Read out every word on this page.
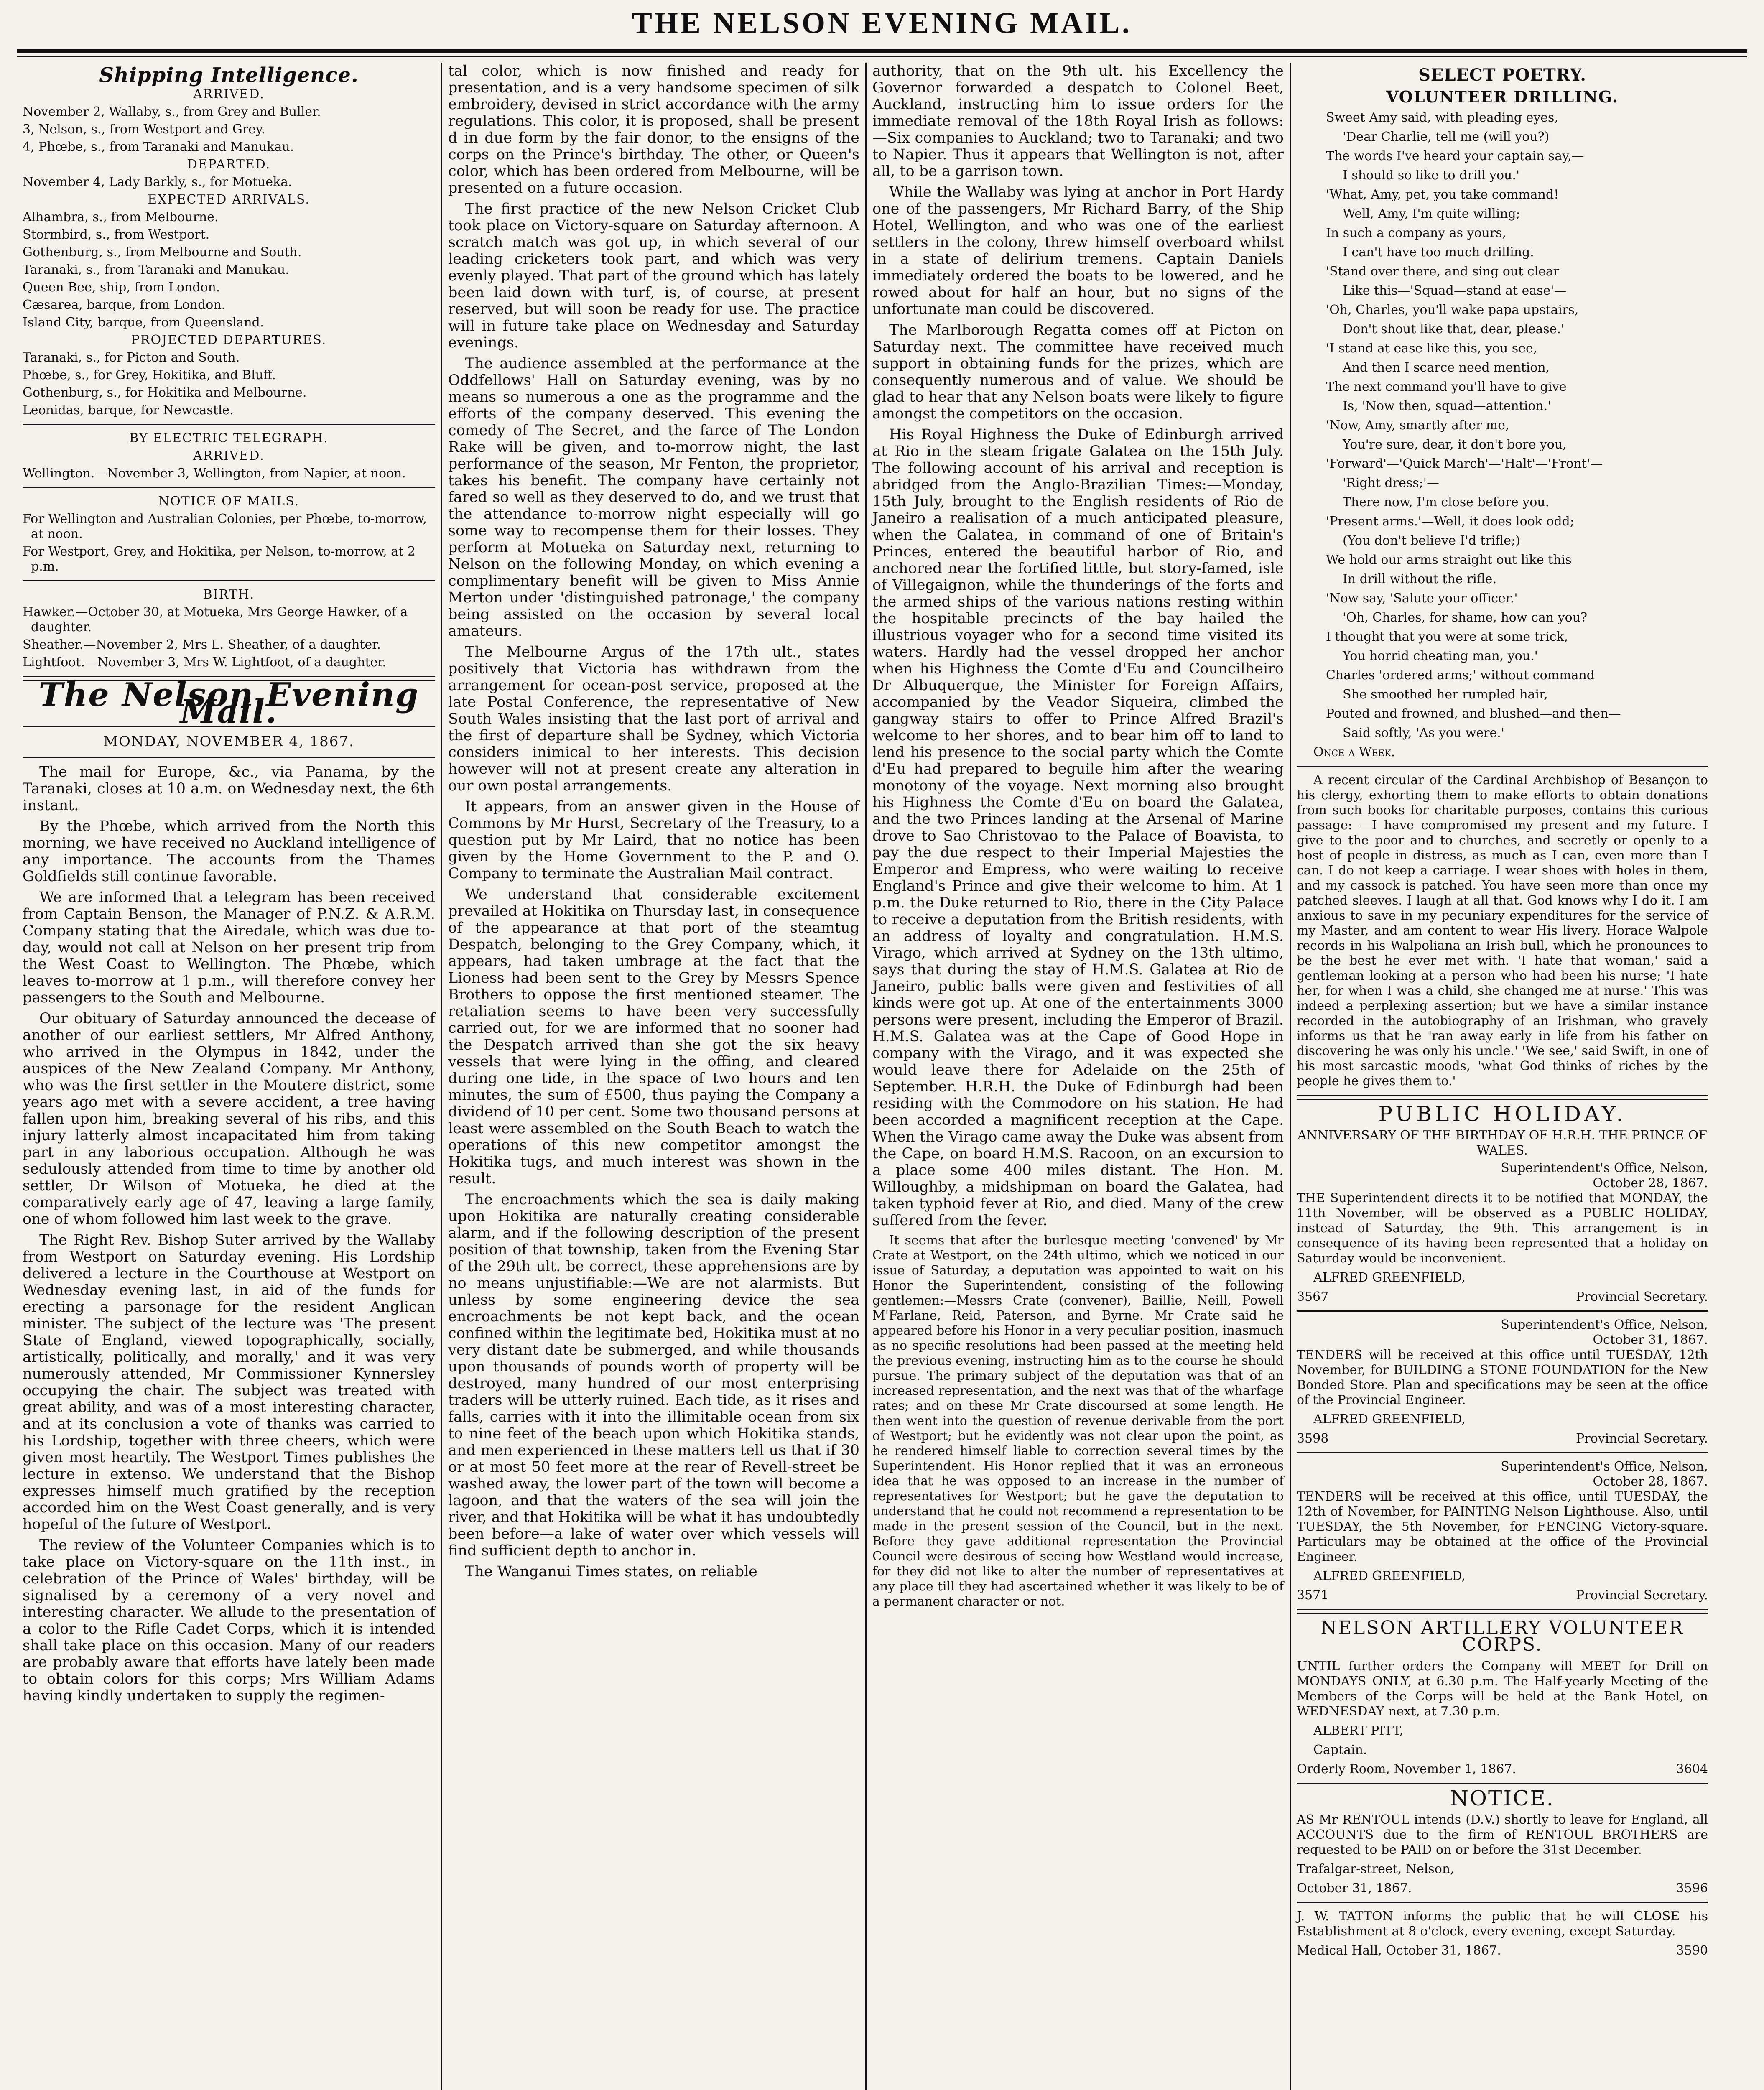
THE NELSON EVENING MAIL.
Shipping Intelligence.
ARRIVED.
November 2, Wallaby, s., from Grey and Buller.
3, Nelson, s., from Westport and Grey.
4, Phœbe, s., from Taranaki and Manukau.
DEPARTED.
November 4, Lady Barkly, s., for Motueka.
EXPECTED ARRIVALS.
Alhambra, s., from Melbourne.
Stormbird, s., from Westport.
Gothenburg, s., from Melbourne and South.
Taranaki, s., from Taranaki and Manukau.
Queen Bee, ship, from London.
Cæsarea, barque, from London.
Island City, barque, from Queensland.
PROJECTED DEPARTURES.
Taranaki, s., for Picton and South.
Phœbe, s., for Grey, Hokitika, and Bluff.
Gothenburg, s., for Hokitika and Melbourne.
Leonidas, barque, for Newcastle.
BY ELECTRIC TELEGRAPH.
ARRIVED.
Wellington.—November 3, Wellington, from Napier, at noon.
NOTICE OF MAILS.
For Wellington and Australian Colonies, per Phœbe, to-morrow, at noon.
For Westport, Grey, and Hokitika, per Nelson, to-morrow, at 2 p.m.
BIRTH.
Hawker.—October 30, at Motueka, Mrs George Hawker, of a daughter.
Sheather.—November 2, Mrs L. Sheather, of a daughter.
Lightfoot.—November 3, Mrs W. Lightfoot, of a daughter.
The Nelson Evening Mail.
MONDAY, NOVEMBER 4, 1867.

The mail for Europe, &c., via Panama, by the Taranaki, closes at 10 a.m. on Wednesday next, the 6th instant.

By the Phœbe, which arrived from the North this morning, we have received no Auckland intelligence of any importance. The accounts from the Thames Goldfields still continue favorable.

We are informed that a telegram has been received from Captain Benson, the Manager of P.N.Z. & A.R.M. Company stating that the Airedale, which was due to-day, would not call at Nelson on her present trip from the West Coast to Wellington. The Phœbe, which leaves to-morrow at 1 p.m., will therefore convey her passengers to the South and Melbourne.

Our obituary of Saturday announced the decease of another of our earliest settlers, Mr Alfred Anthony, who arrived in the Olympus in 1842, under the auspices of the New Zealand Company. Mr Anthony, who was the first settler in the Moutere district, some years ago met with a severe accident, a tree having fallen upon him, breaking several of his ribs, and this injury latterly almost incapacitated him from taking part in any laborious occupation. Although he was sedulously attended from time to time by another old settler, Dr Wilson of Motueka, he died at the comparatively early age of 47, leaving a large family, one of whom followed him last week to the grave.

The Right Rev. Bishop Suter arrived by the Wallaby from Westport on Saturday evening. His Lordship delivered a lecture in the Courthouse at Westport on Wednesday evening last, in aid of the funds for erecting a parsonage for the resident Anglican minister. The subject of the lecture was 'The present State of England, viewed topographically, socially, artistically, politically, and morally,' and it was very numerously attended, Mr Commissioner Kynnersley occupying the chair. The subject was treated with great ability, and was of a most interesting character, and at its conclusion a vote of thanks was carried to his Lordship, together with three cheers, which were given most heartily. The Westport Times publishes the lecture in extenso. We understand that the Bishop expresses himself much gratified by the reception accorded him on the West Coast generally, and is very hopeful of the future of Westport.

The review of the Volunteer Companies which is to take place on Victory-square on the 11th inst., in celebration of the Prince of Wales' birthday, will be signalised by a ceremony of a very novel and interesting character. We allude to the presentation of a color to the Rifle Cadet Corps, which it is intended shall take place on this occasion. Many of our readers are probably aware that efforts have lately been made to obtain colors for this corps; Mrs William Adams having kindly undertaken to supply the regimen-

tal color, which is now finished and ready for presentation, and is a very handsome specimen of silk embroidery, devised in strict accordance with the army regulations. This color, it is proposed, shall be present d in due form by the fair donor, to the ensigns of the corps on the Prince's birthday. The other, or Queen's color, which has been ordered from Melbourne, will be presented on a future occasion.

The first practice of the new Nelson Cricket Club took place on Victory-square on Saturday afternoon. A scratch match was got up, in which several of our leading cricketers took part, and which was very evenly played. That part of the ground which has lately been laid down with turf, is, of course, at present reserved, but will soon be ready for use. The practice will in future take place on Wednesday and Saturday evenings.

The audience assembled at the performance at the Oddfellows' Hall on Saturday evening, was by no means so numerous a one as the programme and the efforts of the company deserved. This evening the comedy of The Secret, and the farce of The London Rake will be given, and to-morrow night, the last performance of the season, Mr Fenton, the proprietor, takes his benefit. The company have certainly not fared so well as they deserved to do, and we trust that the attendance to-morrow night especially will go some way to recompense them for their losses. They perform at Motueka on Saturday next, returning to Nelson on the following Monday, on which evening a complimentary benefit will be given to Miss Annie Merton under 'distinguished patronage,' the company being assisted on the occasion by several local amateurs.

The Melbourne Argus of the 17th ult., states positively that Victoria has withdrawn from the arrangement for ocean-post service, proposed at the late Postal Conference, the representative of New South Wales insisting that the last port of arrival and the first of departure shall be Sydney, which Victoria considers inimical to her interests. This decision however will not at present create any alteration in our own postal arrangements.

It appears, from an answer given in the House of Commons by Mr Hurst, Secretary of the Treasury, to a question put by Mr Laird, that no notice has been given by the Home Government to the P. and O. Company to terminate the Australian Mail contract.

We understand that considerable excitement prevailed at Hokitika on Thursday last, in consequence of the appearance at that port of the steamtug Despatch, belonging to the Grey Company, which, it appears, had taken umbrage at the fact that the Lioness had been sent to the Grey by Messrs Spence Brothers to oppose the first mentioned steamer. The retaliation seems to have been very successfully carried out, for we are informed that no sooner had the Despatch arrived than she got the six heavy vessels that were lying in the offing, and cleared during one tide, in the space of two hours and ten minutes, the sum of £500, thus paying the Company a dividend of 10 per cent. Some two thousand persons at least were assembled on the South Beach to watch the operations of this new competitor amongst the Hokitika tugs, and much interest was shown in the result.

The encroachments which the sea is daily making upon Hokitika are naturally creating considerable alarm, and if the following description of the present position of that township, taken from the Evening Star of the 29th ult. be correct, these apprehensions are by no means unjustifiable:—We are not alarmists. But unless by some engineering device the sea encroachments be not kept back, and the ocean confined within the legitimate bed, Hokitika must at no very distant date be submerged, and while thousands upon thousands of pounds worth of property will be destroyed, many hundred of our most enterprising traders will be utterly ruined. Each tide, as it rises and falls, carries with it into the illimitable ocean from six to nine feet of the beach upon which Hokitika stands, and men experienced in these matters tell us that if 30 or at most 50 feet more at the rear of Revell-street be washed away, the lower part of the town will become a lagoon, and that the waters of the sea will join the river, and that Hokitika will be what it has undoubtedly been before—a lake of water over which vessels will find sufficient depth to anchor in.

The Wanganui Times states, on reliable

authority, that on the 9th ult. his Excellency the Governor forwarded a despatch to Colonel Beet, Auckland, instructing him to issue orders for the immediate removal of the 18th Royal Irish as follows:—Six companies to Auckland; two to Taranaki; and two to Napier. Thus it appears that Wellington is not, after all, to be a garrison town.

While the Wallaby was lying at anchor in Port Hardy one of the passengers, Mr Richard Barry, of the Ship Hotel, Wellington, and who was one of the earliest settlers in the colony, threw himself overboard whilst in a state of delirium tremens. Captain Daniels immediately ordered the boats to be lowered, and he rowed about for half an hour, but no signs of the unfortunate man could be discovered.

The Marlborough Regatta comes off at Picton on Saturday next. The committee have received much support in obtaining funds for the prizes, which are consequently numerous and of value. We should be glad to hear that any Nelson boats were likely to figure amongst the competitors on the occasion.

His Royal Highness the Duke of Edinburgh arrived at Rio in the steam frigate Galatea on the 15th July. The following account of his arrival and reception is abridged from the Anglo-Brazilian Times:—Monday, 15th July, brought to the English residents of Rio de Janeiro a realisation of a much anticipated pleasure, when the Galatea, in command of one of Britain's Princes, entered the beautiful harbor of Rio, and anchored near the fortified little, but story-famed, isle of Villegaignon, while the thunderings of the forts and the armed ships of the various nations resting within the hospitable precincts of the bay hailed the illustrious voyager who for a second time visited its waters. Hardly had the vessel dropped her anchor when his Highness the Comte d'Eu and Councilheiro Dr Albuquerque, the Minister for Foreign Affairs, accompanied by the Veador Siqueira, climbed the gangway stairs to offer to Prince Alfred Brazil's welcome to her shores, and to bear him off to land to lend his presence to the social party which the Comte d'Eu had prepared to beguile him after the wearing monotony of the voyage. Next morning also brought his Highness the Comte d'Eu on board the Galatea, and the two Princes landing at the Arsenal of Marine drove to Sao Christovao to the Palace of Boavista, to pay the due respect to their Imperial Majesties the Emperor and Empress, who were waiting to receive England's Prince and give their welcome to him. At 1 p.m. the Duke returned to Rio, there in the City Palace to receive a deputation from the British residents, with an address of loyalty and congratulation. H.M.S. Virago, which arrived at Sydney on the 13th ultimo, says that during the stay of H.M.S. Galatea at Rio de Janeiro, public balls were given and festivities of all kinds were got up. At one of the entertainments 3000 persons were present, including the Emperor of Brazil. H.M.S. Galatea was at the Cape of Good Hope in company with the Virago, and it was expected she would leave there for Adelaide on the 25th of September. H.R.H. the Duke of Edinburgh had been residing with the Commodore on his station. He had been accorded a magnificent reception at the Cape. When the Virago came away the Duke was absent from the Cape, on board H.M.S. Racoon, on an excursion to a place some 400 miles distant. The Hon. M. Willoughby, a midshipman on board the Galatea, had taken typhoid fever at Rio, and died. Many of the crew suffered from the fever.

It seems that after the burlesque meeting 'convened' by Mr Crate at Westport, on the 24th ultimo, which we noticed in our issue of Saturday, a deputation was appointed to wait on his Honor the Superintendent, consisting of the following gentlemen:—Messrs Crate (convener), Baillie, Neill, Powell M'Farlane, Reid, Paterson, and Byrne. Mr Crate said he appeared before his Honor in a very peculiar position, inasmuch as no specific resolutions had been passed at the meeting held the previous evening, instructing him as to the course he should pursue. The primary subject of the deputation was that of an increased representation, and the next was that of the wharfage rates; and on these Mr Crate discoursed at some length. He then went into the question of revenue derivable from the port of Westport; but he evidently was not clear upon the point, as he rendered himself liable to correction several times by the Superintendent. His Honor replied that it was an erroneous idea that he was opposed to an increase in the number of representatives for Westport; but he gave the deputation to understand that he could not recommend a representation to be made in the present session of the Council, but in the next. Before they gave additional representation the Provincial Council were desirous of seeing how Westland would increase, for they did not like to alter the number of representatives at any place till they had ascertained whether it was likely to be of a permanent character or not.

SELECT POETRY.
VOLUNTEER DRILLING.

Sweet Amy said, with pleading eyes,

'Dear Charlie, tell me (will you?)

The words I've heard your captain say,—

I should so like to drill you.'

'What, Amy, pet, you take command!

Well, Amy, I'm quite willing;

In such a company as yours,

I can't have too much drilling.

'Stand over there, and sing out clear

Like this—'Squad—stand at ease'—

'Oh, Charles, you'll wake papa upstairs,

Don't shout like that, dear, please.'

'I stand at ease like this, you see,

And then I scarce need mention,

The next command you'll have to give

Is, 'Now then, squad—attention.'

'Now, Amy, smartly after me,

You're sure, dear, it don't bore you,

'Forward'—'Quick March'—'Halt'—'Front'—

'Right dress;'—

There now, I'm close before you.

'Present arms.'—Well, it does look odd;

(You don't believe I'd trifle;)

We hold our arms straight out like this

In drill without the rifle.

'Now say, 'Salute your officer.'

'Oh, Charles, for shame, how can you?

I thought that you were at some trick,

You horrid cheating man, you.'

Charles 'ordered arms;' without command

She smoothed her rumpled hair,

Pouted and frowned, and blushed—and then—

Said softly, 'As you were.'

Once a Week.

A recent circular of the Cardinal Archbishop of Besançon to his clergy, exhorting them to make efforts to obtain donations from such books for charitable purposes, contains this curious passage: —I have compromised my present and my future. I give to the poor and to churches, and secretly or openly to a host of people in distress, as much as I can, even more than I can. I do not keep a carriage. I wear shoes with holes in them, and my cassock is patched. You have seen more than once my patched sleeves. I laugh at all that. God knows why I do it. I am anxious to save in my pecuniary expenditures for the service of my Master, and am content to wear His livery. Horace Walpole records in his Walpoliana an Irish bull, which he pronounces to be the best he ever met with. 'I hate that woman,' said a gentleman looking at a person who had been his nurse; 'I hate her, for when I was a child, she changed me at nurse.' This was indeed a perplexing assertion; but we have a similar instance recorded in the autobiography of an Irishman, who gravely informs us that he 'ran away early in life from his father on discovering he was only his uncle.' 'We see,' said Swift, in one of his most sarcastic moods, 'what God thinks of riches by the people he gives them to.'

PUBLIC HOLIDAY.
ANNIVERSARY OF THE BIRTHDAY OF H.R.H. THE PRINCE OF WALES.

Superintendent's Office, Nelson,

October 28, 1867.

THE Superintendent directs it to be notified that MONDAY, the 11th November, will be observed as a PUBLIC HOLIDAY, instead of Saturday, the 9th. This arrangement is in consequence of its having been represented that a holiday on Saturday would be inconvenient.

ALFRED GREENFIELD,

3567	Provincial Secretary.

Superintendent's Office, Nelson,

October 31, 1867.

TENDERS will be received at this office until TUESDAY, 12th November, for BUILDING a STONE FOUNDATION for the New Bonded Store. Plan and specifications may be seen at the office of the Provincial Engineer.

ALFRED GREENFIELD,

3598	Provincial Secretary.

Superintendent's Office, Nelson,

October 28, 1867.

TENDERS will be received at this office, until TUESDAY, the 12th of November, for PAINTING Nelson Lighthouse. Also, until TUESDAY, the 5th November, for FENCING Victory-square. Particulars may be obtained at the office of the Provincial Engineer.

ALFRED GREENFIELD,

3571	Provincial Secretary.
NELSON ARTILLERY VOLUNTEER CORPS.

UNTIL further orders the Company will MEET for Drill on MONDAYS ONLY, at 6.30 p.m. The Half-yearly Meeting of the Members of the Corps will be held at the Bank Hotel, on WEDNESDAY next, at 7.30 p.m.

ALBERT PITT,

Captain.

Orderly Room, November 1, 1867.	3604
NOTICE.

AS Mr RENTOUL intends (D.V.) shortly to leave for England, all ACCOUNTS due to the firm of RENTOUL BROTHERS are requested to be PAID on or before the 31st December.

Trafalgar-street, Nelson,

October 31, 1867.	3596

J. W. TATTON informs the public that he will CLOSE his Establishment at 8 o'clock, every evening, except Saturday.

Medical Hall, October 31, 1867.	3590
